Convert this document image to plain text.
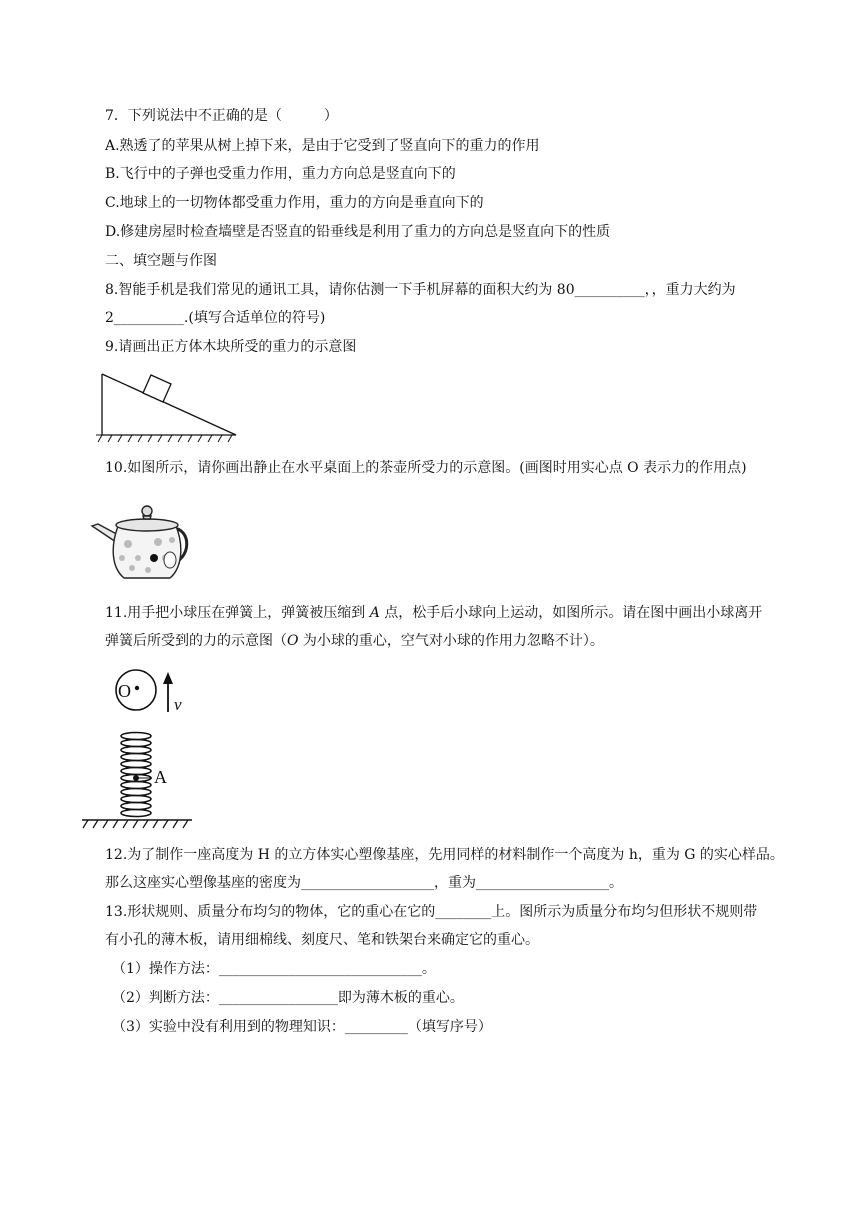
7．下列说法中不正确的是（　　　）
A.熟透了的苹果从树上掉下来，是由于它受到了竖直向下的重力的作用
B.飞行中的子弹也受重力作用，重力方向总是竖直向下的
C.地球上的一切物体都受重力作用，重力的方向是垂直向下的
D.修建房屋时检查墙壁是否竖直的铅垂线是利用了重力的方向总是竖直向下的性质
二、填空题与作图
8.智能手机是我们常见的通讯工具，请你估测一下手机屏幕的面积大约为 80__________，，重力大约为
2__________.(填写合适单位的符号)
9.请画出正方体木块所受的重力的示意图
10.如图所示，请你画出静止在水平桌面上的茶壶所受力的示意图。(画图时用实心点 O 表示力的作用点)
11.用手把小球压在弹簧上，弹簧被压缩到 A 点，松手后小球向上运动，如图所示。请在图中画出小球离开
弹簧后所受到的力的示意图（O 为小球的重心，空气对小球的作用力忽略不计）。
O
v
A
12.为了制作一座高度为 H 的立方体实心塑像基座，先用同样的材料制作一个高度为 h，重为 G 的实心样品。
那么这座实心塑像基座的密度为___________________，重为___________________。
13.形状规则、质量分布均匀的物体，它的重心在它的________上。图所示为质量分布均匀但形状不规则带
有小孔的薄木板，请用细棉线、刻度尺、笔和铁架台来确定它的重心。
（1）操作方法：_____________________________。
（2）判断方法：_________________即为薄木板的重心。
（3）实验中没有利用到的物理知识：_________（填写序号）
